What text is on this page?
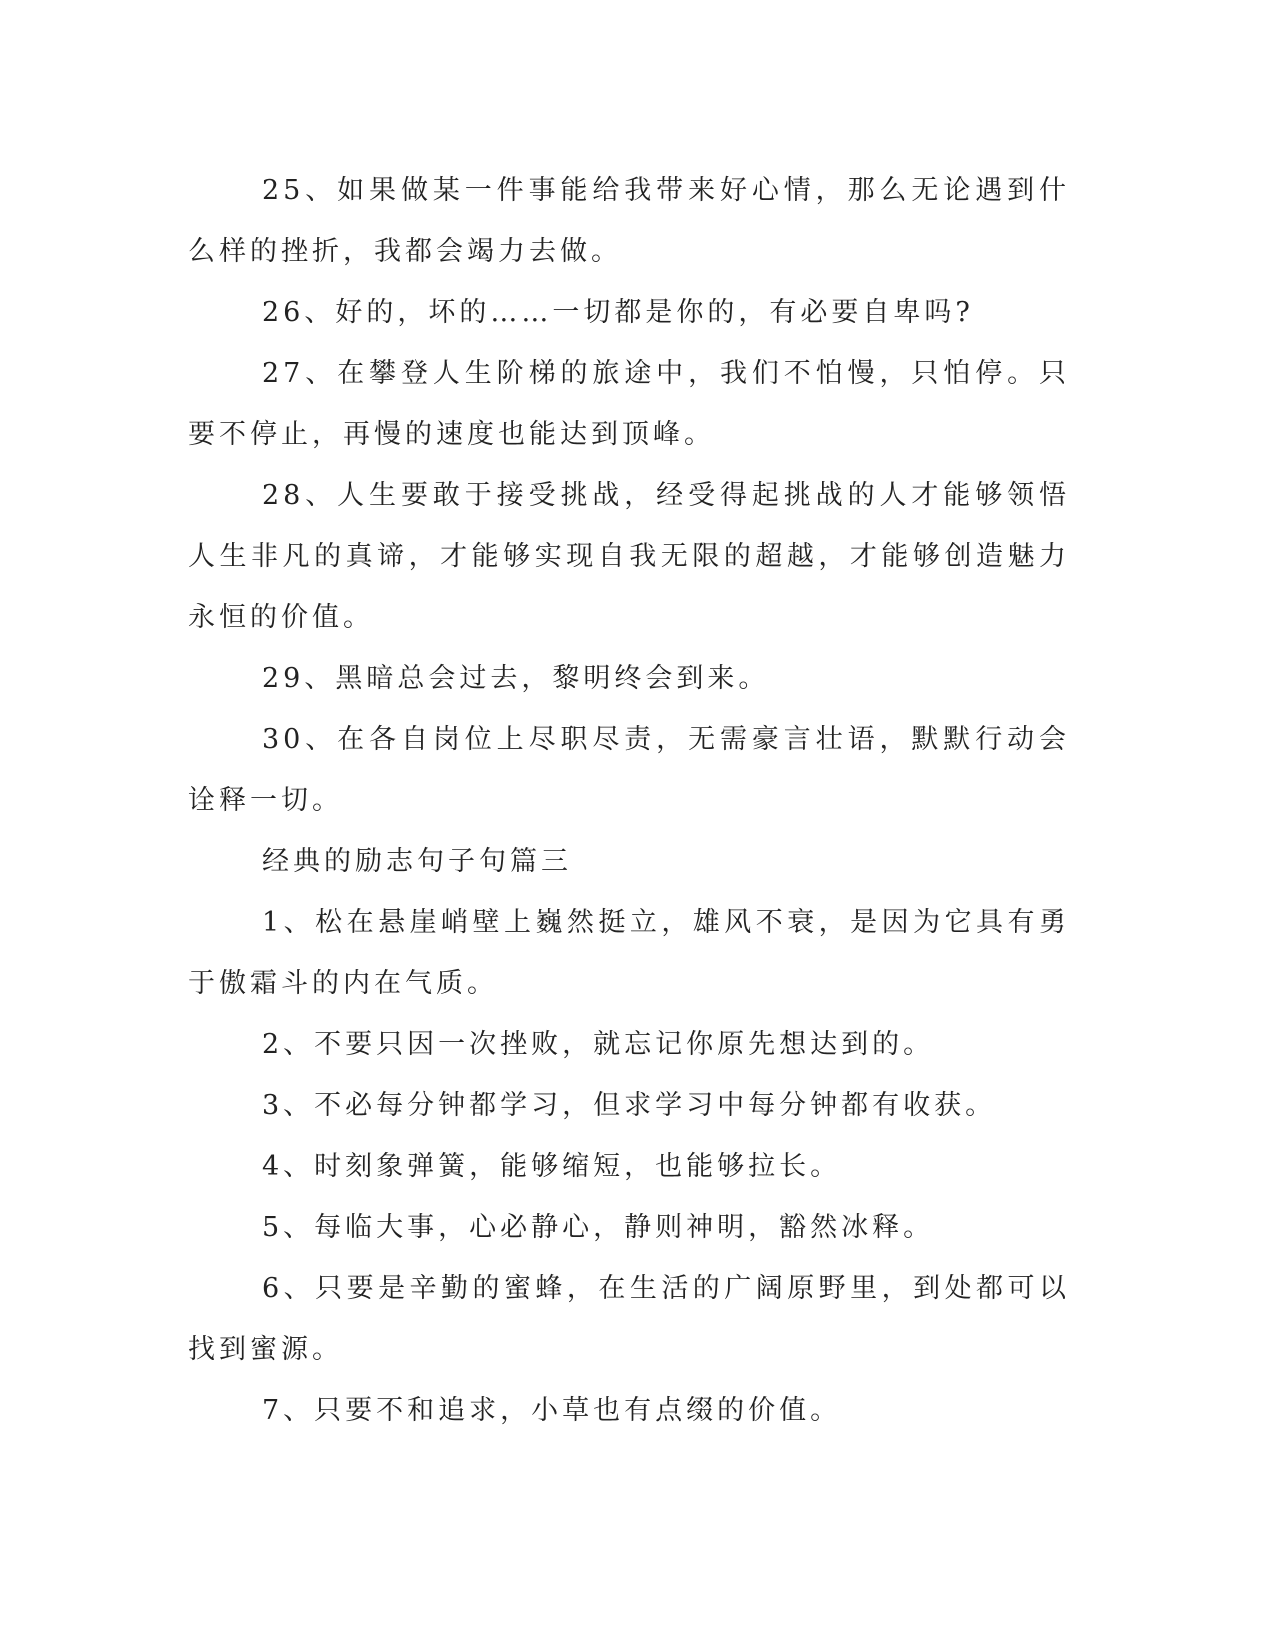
25、如果做某一件事能给我带来好心情，那么无论遇到什么样的挫折，我都会竭力去做。

26、好的，坏的……一切都是你的，有必要自卑吗?

27、在攀登人生阶梯的旅途中，我们不怕慢，只怕停。只要不停止，再慢的速度也能达到顶峰。

28、人生要敢于接受挑战，经受得起挑战的人才能够领悟人生非凡的真谛，才能够实现自我无限的超越，才能够创造魅力永恒的价值。

29、黑暗总会过去，黎明终会到来。

30、在各自岗位上尽职尽责，无需豪言壮语，默默行动会诠释一切。

经典的励志句子句篇三

1、松在悬崖峭壁上巍然挺立，雄风不衰，是因为它具有勇于傲霜斗的内在气质。

2、不要只因一次挫败，就忘记你原先想达到的。

3、不必每分钟都学习，但求学习中每分钟都有收获。

4、时刻象弹簧，能够缩短，也能够拉长。

5、每临大事，心必静心，静则神明，豁然冰释。

6、只要是辛勤的蜜蜂，在生活的广阔原野里，到处都可以找到蜜源。

7、只要不和追求，小草也有点缀的价值。
